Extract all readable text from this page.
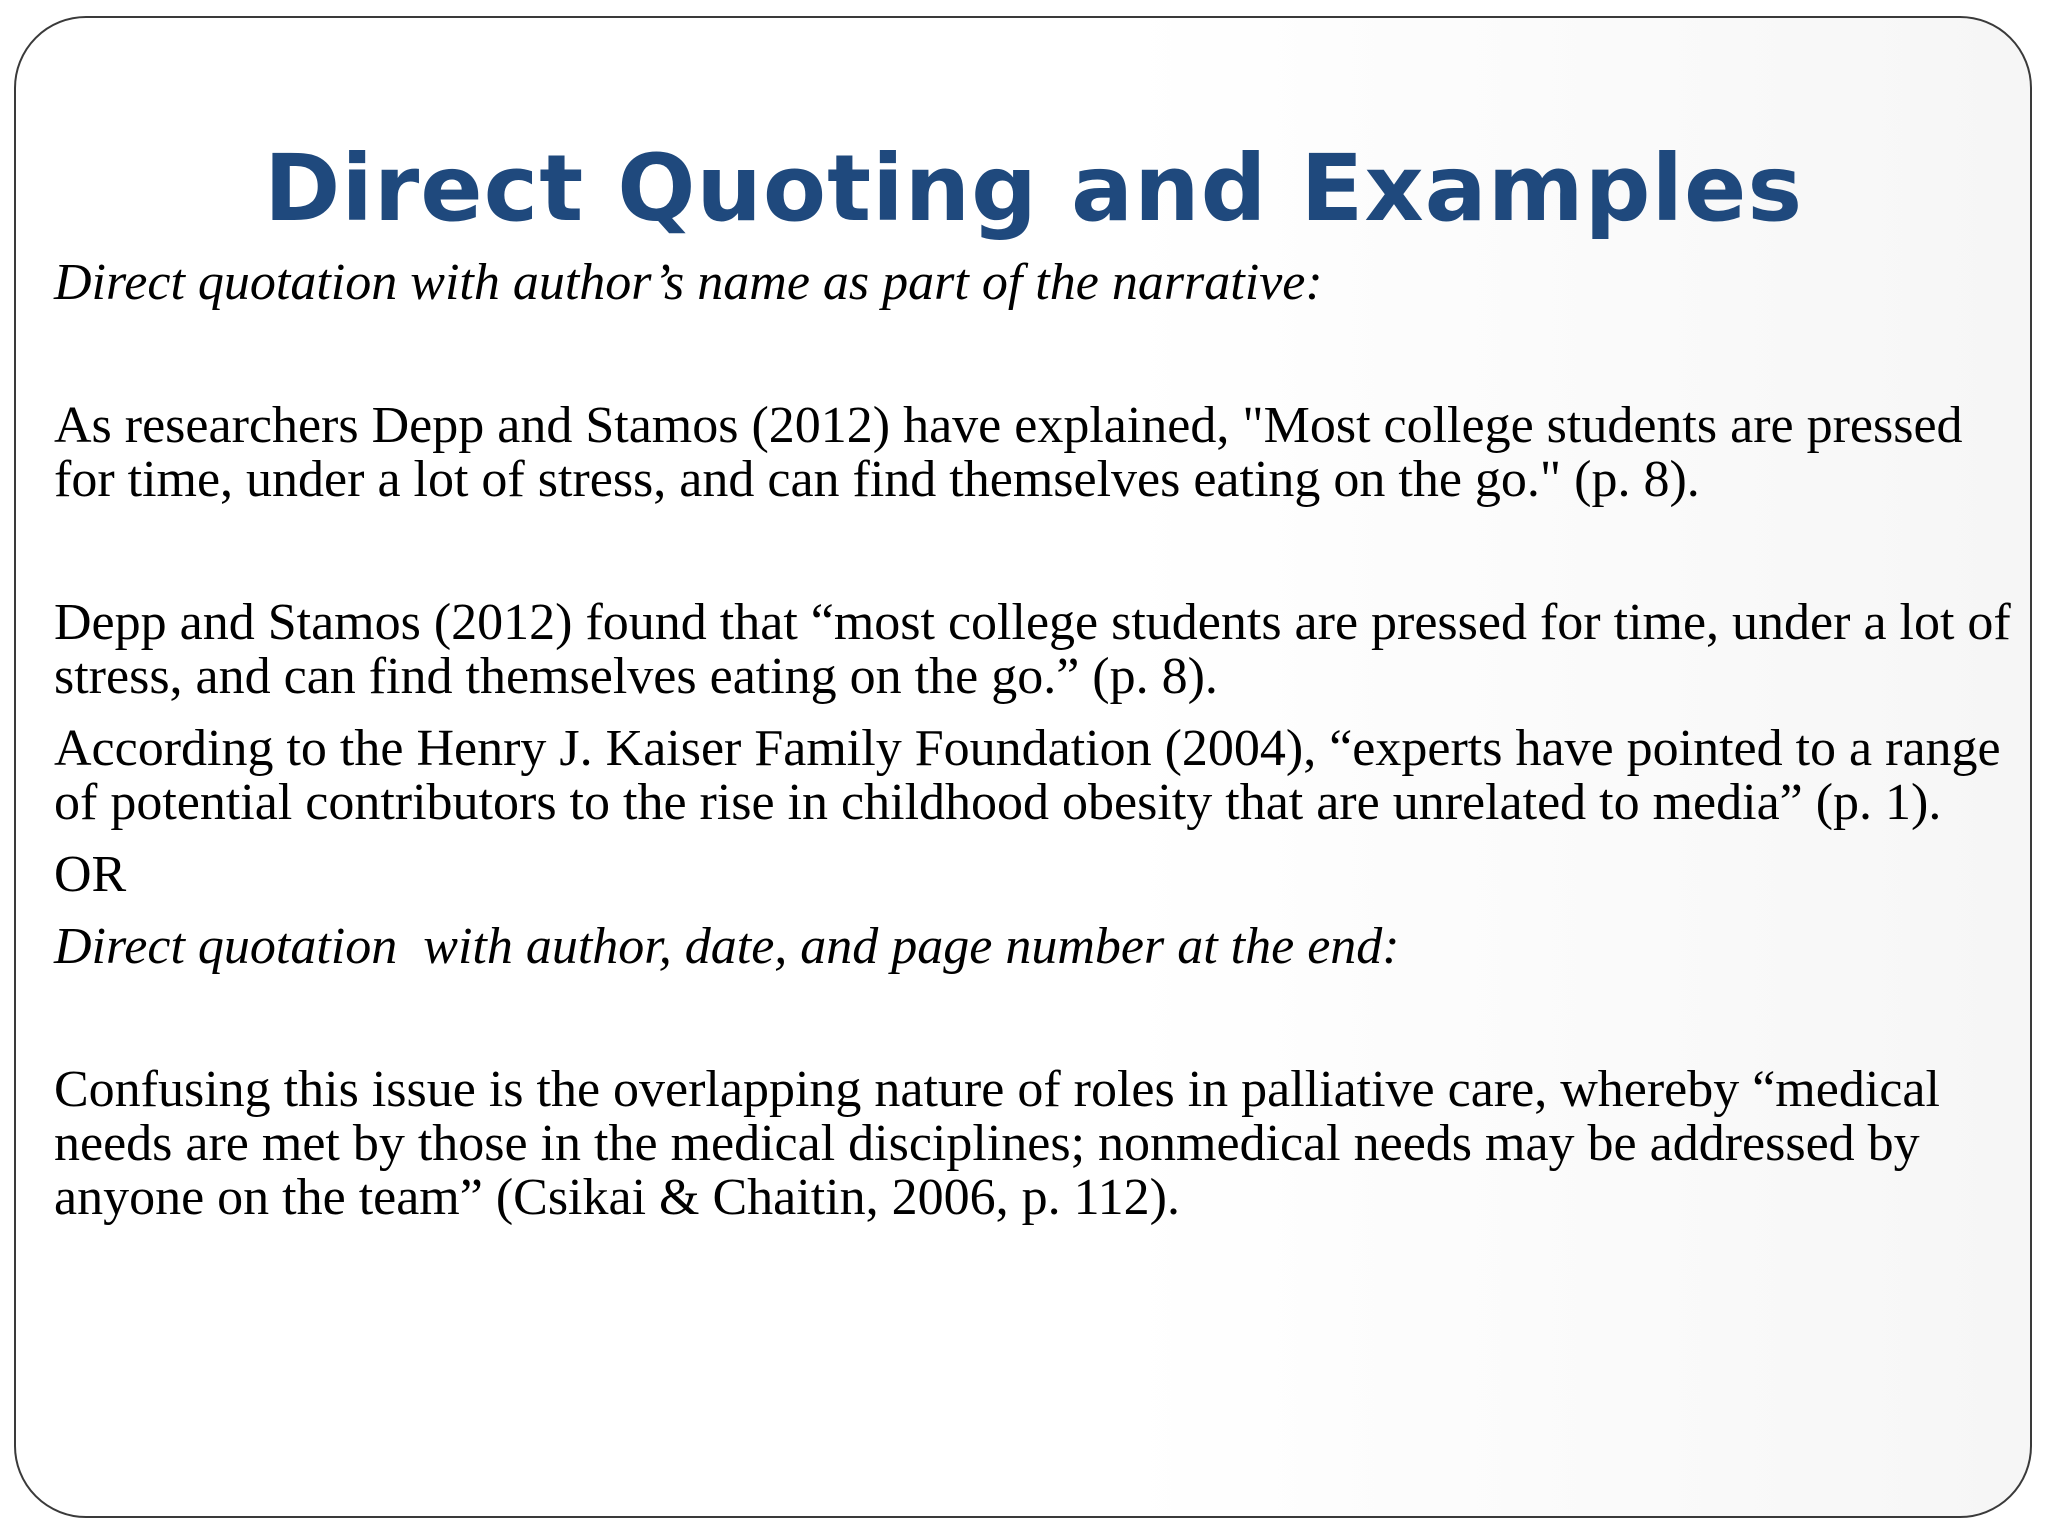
Direct Quoting and Examples

Direct quotation with author’s name as part of the narrative:

As researchers Depp and Stamos (2012) have explained, "Most college students are pressed for time, under a lot of stress, and can find themselves eating on the go." (p. 8).

Depp and Stamos (2012) found that “most college students are pressed for time, under a lot of stress, and can find themselves eating on the go.” (p. 8).

According to the Henry J. Kaiser Family Foundation (2004), “experts have pointed to a range of potential contributors to the rise in childhood obesity that are unrelated to media” (p. 1).

OR

Direct quotation  with author, date, and page number at the end:

Confusing this issue is the overlapping nature of roles in palliative care, whereby “medical needs are met by those in the medical disciplines; nonmedical needs may be addressed by anyone on the team” (Csikai & Chaitin, 2006, p. 112).
